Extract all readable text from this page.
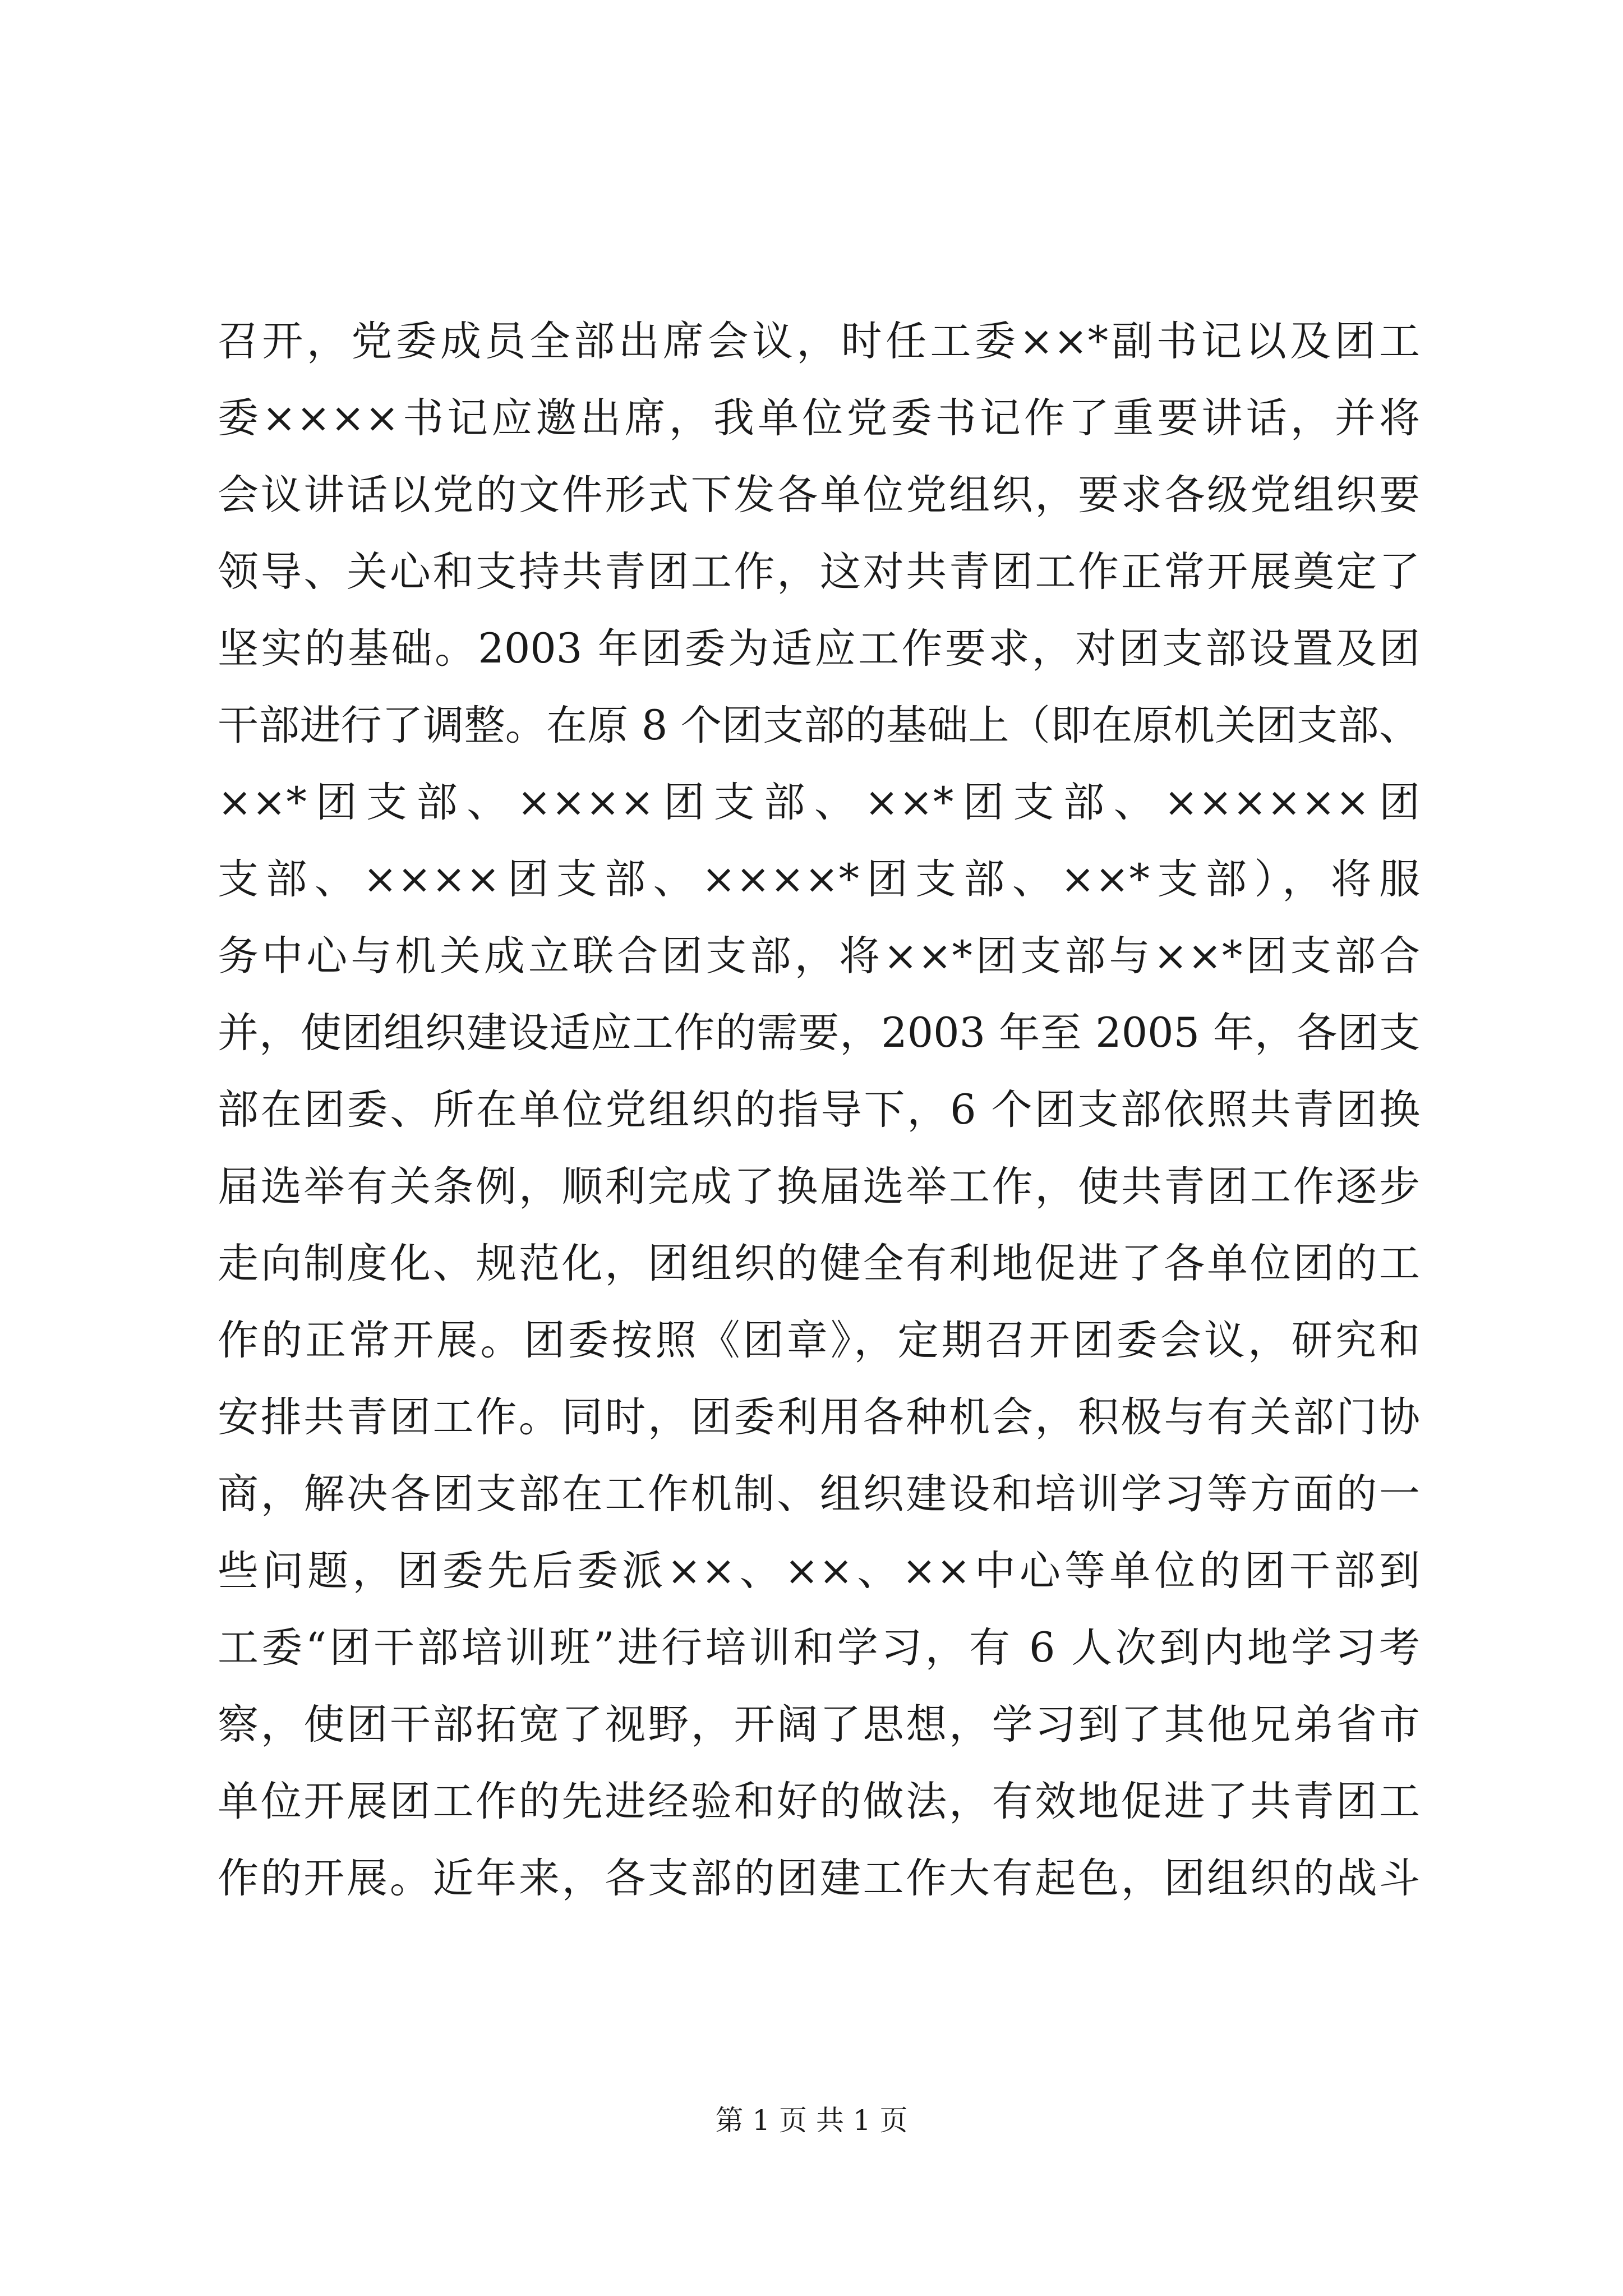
召开，党委成员全部出席会议，时任工委××*副书记以及团工
委××××书记应邀出席，我单位党委书记作了重要讲话，并将
会议讲话以党的文件形式下发各单位党组织，要求各级党组织要
领导、关心和支持共青团工作，这对共青团工作正常开展奠定了
坚实的基础。2003 年团委为适应工作要求，对团支部设置及团
干部进行了调整。在原 8 个团支部的基础上（即在原机关团支部、
××*团支部、××××团支部、××*团支部、××××××团
支部、××××团支部、××××*团支部、××*支部），将服
务中心与机关成立联合团支部，将××*团支部与××*团支部合
并，使团组织建设适应工作的需要，2003 年至 2005 年，各团支
部在团委、所在单位党组织的指导下，6 个团支部依照共青团换
届选举有关条例，顺利完成了换届选举工作，使共青团工作逐步
走向制度化、规范化，团组织的健全有利地促进了各单位团的工
作的正常开展。团委按照《团章》，定期召开团委会议，研究和
安排共青团工作。同时，团委利用各种机会，积极与有关部门协
商，解决各团支部在工作机制、组织建设和培训学习等方面的一
些问题，团委先后委派××、××、××中心等单位的团干部到
工委“团干部培训班”进行培训和学习，有 6 人次到内地学习考
察，使团干部拓宽了视野，开阔了思想，学习到了其他兄弟省市
单位开展团工作的先进经验和好的做法，有效地促进了共青团工
作的开展。近年来，各支部的团建工作大有起色，团组织的战斗
第 1 页 共 1 页
